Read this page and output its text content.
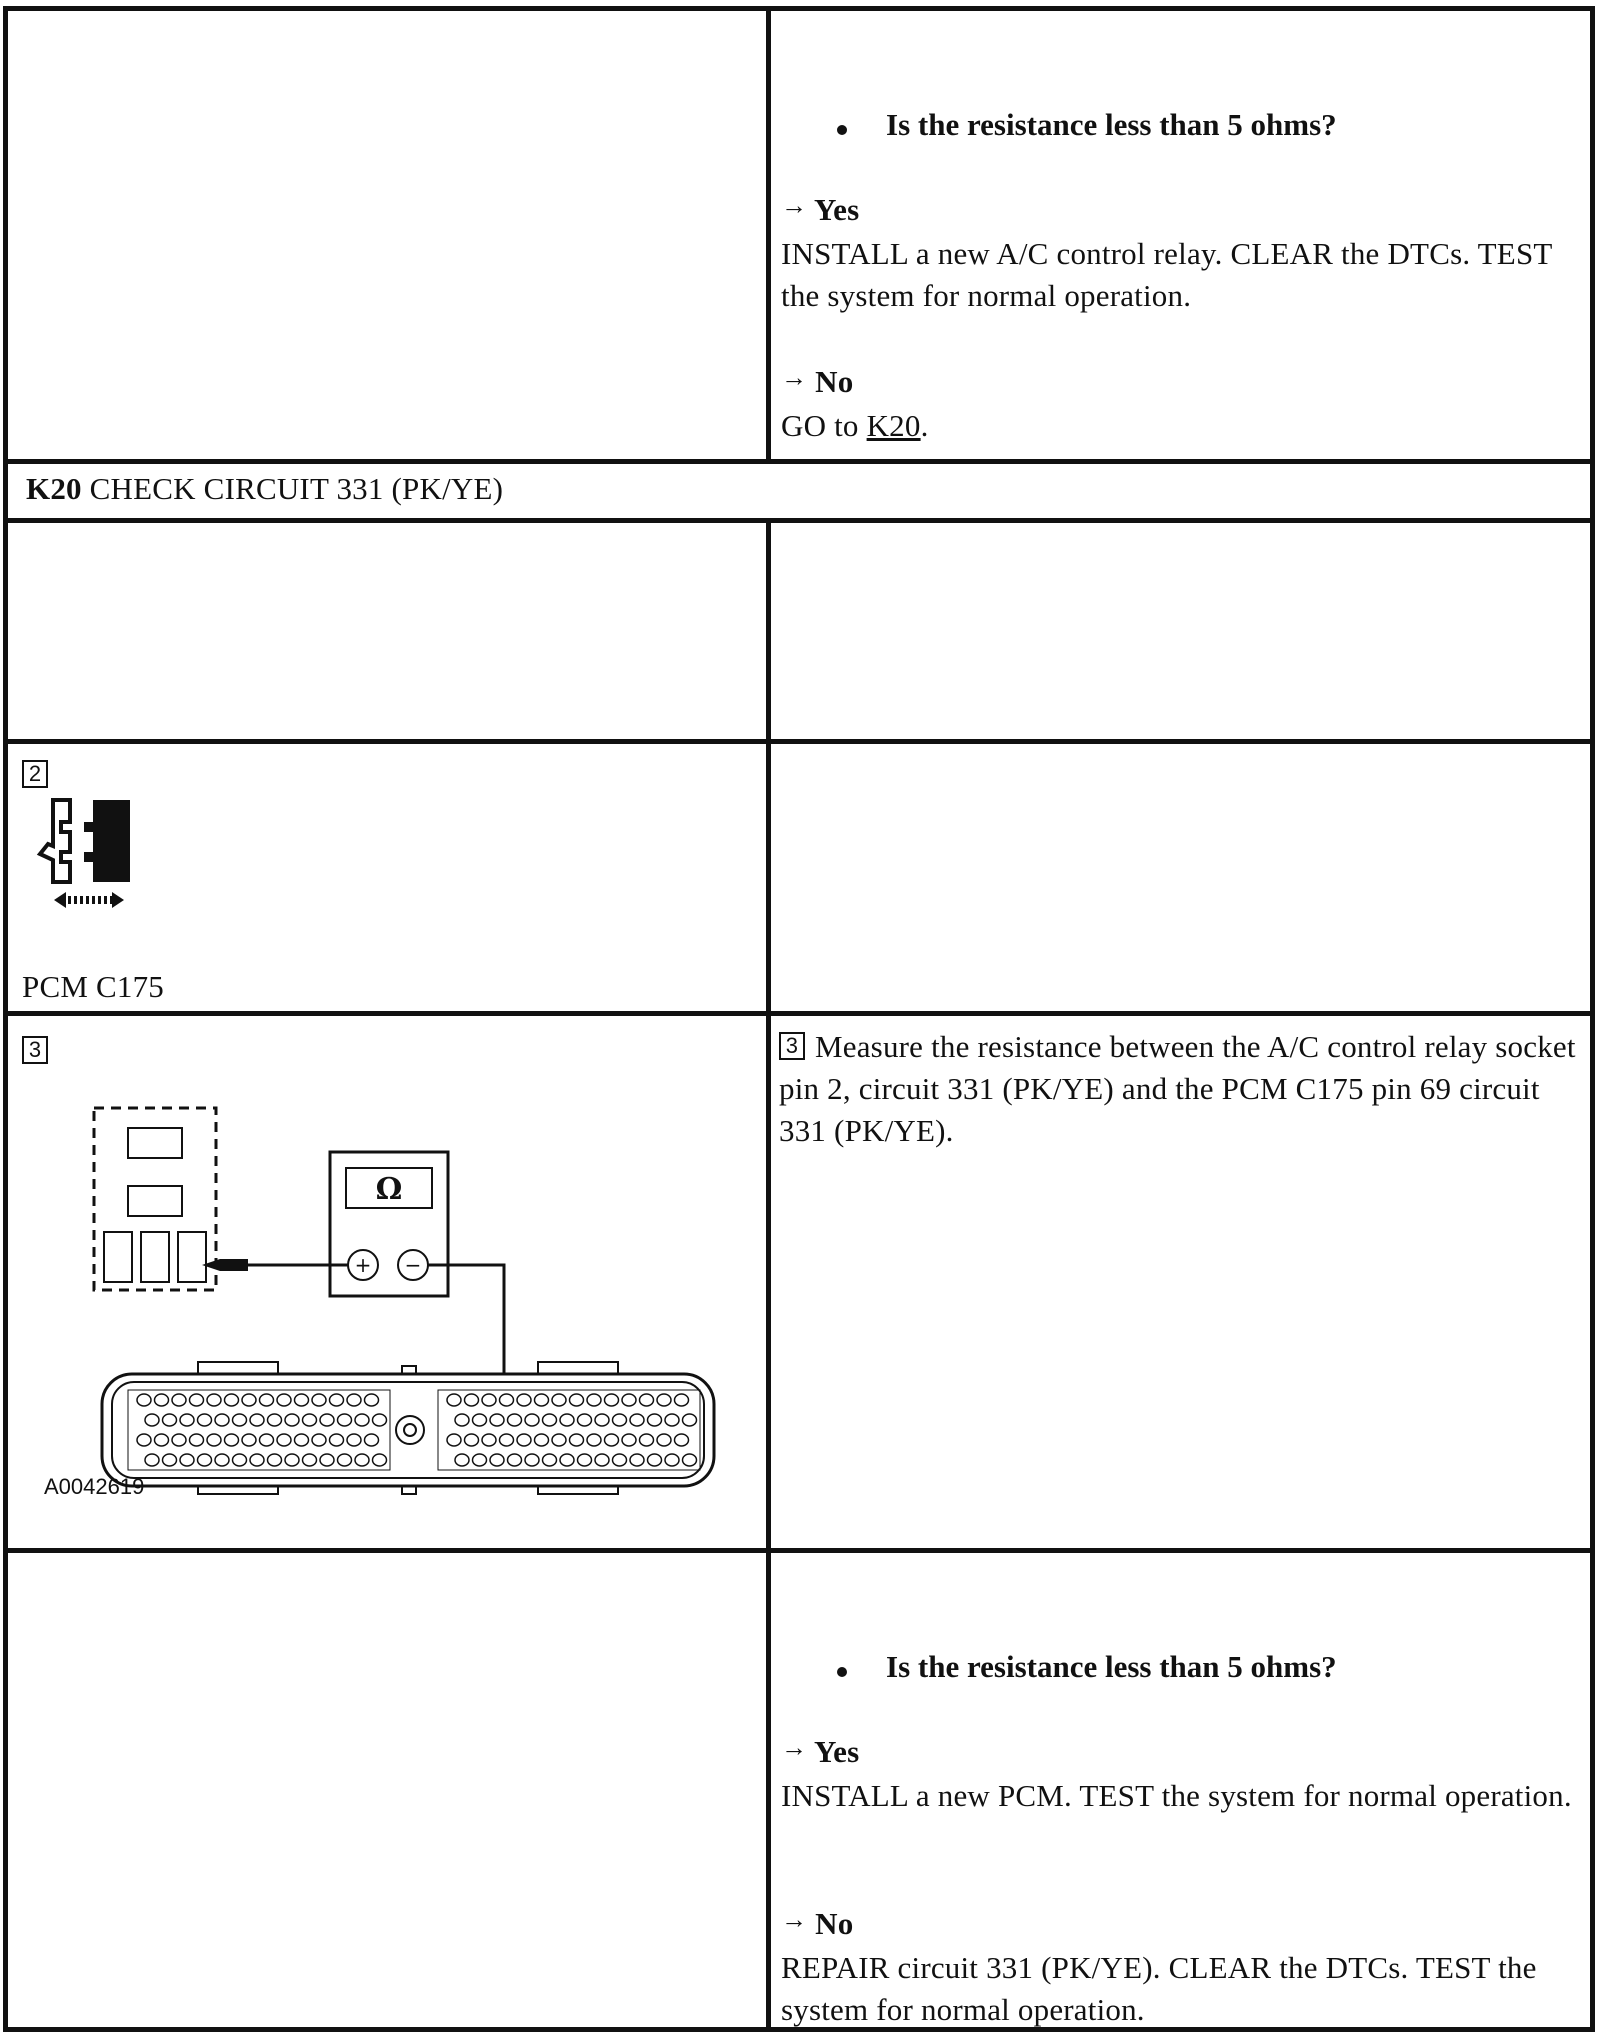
Is the resistance less than 5 ohms?
→ Yes
INSTALL a new A/C control relay. CLEAR the DTCs. TEST the system for normal operation.
→ No
GO to K20.
K20 CHECK CIRCUIT 331 (PK/YE)
2
PCM C175
3
Ω
+ −
A0042619
3 Measure the resistance between the A/C control relay socket pin 2, circuit 331 (PK/YE) and the PCM C175 pin 69 circuit 331 (PK/YE).
Is the resistance less than 5 ohms?
→ Yes
INSTALL a new PCM. TEST the system for normal operation.
→ No
REPAIR circuit 331 (PK/YE). CLEAR the DTCs. TEST the system for normal operation.
